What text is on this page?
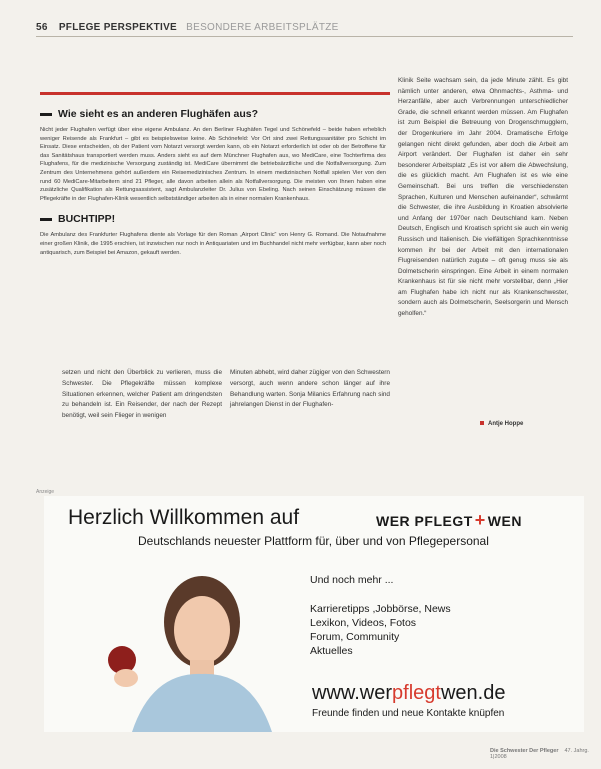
56 PFLEGE PERSPEKTIVE BESONDERE ARBEITSPLÄTZE
Wie sieht es an anderen Flughäfen aus?

Nicht jeder Flughafen verfügt über eine eigene Ambulanz. An den Berliner Flughäfen Tegel und Schönefeld – beide haben erheblich weniger Reisende als Frankfurt – gibt es beispielsweise keine. Ab Schönefeld: Vor Ort sind zwei Rettungssanitäter pro Schicht im Einsatz. Diese entscheiden, ob der Patient vom Notarzt versorgt werden kann, ob ein Notarzt erforderlich ist oder ob der Betroffene für das Sanitätshaus transportiert werden muss. Anders sieht es auf dem Münchner Flughafen aus, wo MediCare, eine Tochterfirma des Flughafens, für die medizinische Versorgung zuständig ist. MediCare übernimmt die betriebsärztliche und die Notfallversorgung. Zum Zentrum des Unternehmens gehört außerdem ein Reisemedizinisches Zentrum. In einem medizinischen Notfall spielen Vier von den rund 60 MediCare-Mitarbeitern sind 21 Pfleger, alle davon arbeiten allein als Notfallversorgung. Die meisten von Ihnen haben eine zusätzliche Qualifikation als Rettungsassistent, sagt Ambulanzleiter Dr. Julius von Ebeling. Nach seinen Einschätzung müssen die Pflegekräfte in der Flughafen-Klinik wesentlich selbstständiger arbeiten als in einer normalen Krankenhaus.

BUCHTIPP!

Die Ambulanz des Frankfurter Flughafens diente als Vorlage für den Roman „Airport Clinic“ von Henry G. Romand. Die Notaufnahme einer großen Klinik, die 1995 erschien, ist inzwischen nur noch in Antiquariaten und im Buchhandel nicht mehr verfügbar, kann aber noch antiquarisch, zum Beispiel bei Amazon, gekauft werden.

Klinik Seite wachsam sein, da jede Minute zählt. Es gibt nämlich unter anderen, etwa Ohnmachts-, Asthma- und Herzanfälle, aber auch Verbrennungen unterschiedlicher Grade, die schnell erkannt werden müssen. Am Flughafen ist zum Beispiel die Betreuung von Drogenschmugglern, der Drogenkuriere im Jahr 2004. Dramatische Erfolge gelangen nicht direkt gefunden, aber doch die Arbeit am Airport verändert. Der Flughafen ist daher ein sehr besonderer Arbeitsplatz „Es ist vor allem die Abwechslung, die es glücklich macht. Am Flughafen ist es wie eine Gemeinschaft. Bei uns treffen die verschiedensten Sprachen, Kulturen und Menschen aufeinander“, schwärmt die Schwester, die ihre Ausbildung in Kroatien absolvierte und Anfang der 1970er nach Deutschland kam. Neben Deutsch, Englisch und Kroatisch spricht sie auch ein wenig Russisch und Italienisch. Die vielfältigen Sprachkenntnisse kommen ihr bei der Arbeit mit den internationalen Flugreisenden natürlich zugute – oft genug muss sie als Dolmetscherin einspringen. Eine Arbeit in einem normalen Krankenhaus ist für sie nicht mehr vorstellbar, denn „Hier am Flughafen habe ich nicht nur als Krankenschwester, sondern auch als Dolmetscherin, Seelsorgerin und Mensch geholfen.“
Antje Hoppe
setzen und nicht den Überblick zu verlieren, muss die Schwester. Die Pflegekräfte müssen komplexe Situationen erkennen, welcher Patient am dringendsten zu behandeln ist. Ein Reisender, der nach der Rezept benötigt, weil sein Flieger in wenigen
Minuten abhebt, wird daher zügiger von den Schwestern versorgt, auch wenn andere schon länger auf ihre Behandlung warten. Sonja Milanics Erfahrung nach sind jahrelangen Dienst in der Flughafen-
Anzeige
Herzlich Willkommen auf	WER PFLEGT + WEN
Deutschlands neuester Plattform für, über und von Pflegepersonal
Und noch mehr ...
Karrieretipps ,Jobbörse, News
Lexikon, Videos, Fotos
Forum, Community
Aktuelles
www.werpflegtwen.de
Freunde finden und neue Kontakte knüpfen
Die Schwester Der Pfleger 47. Jahrg. 1|2008
